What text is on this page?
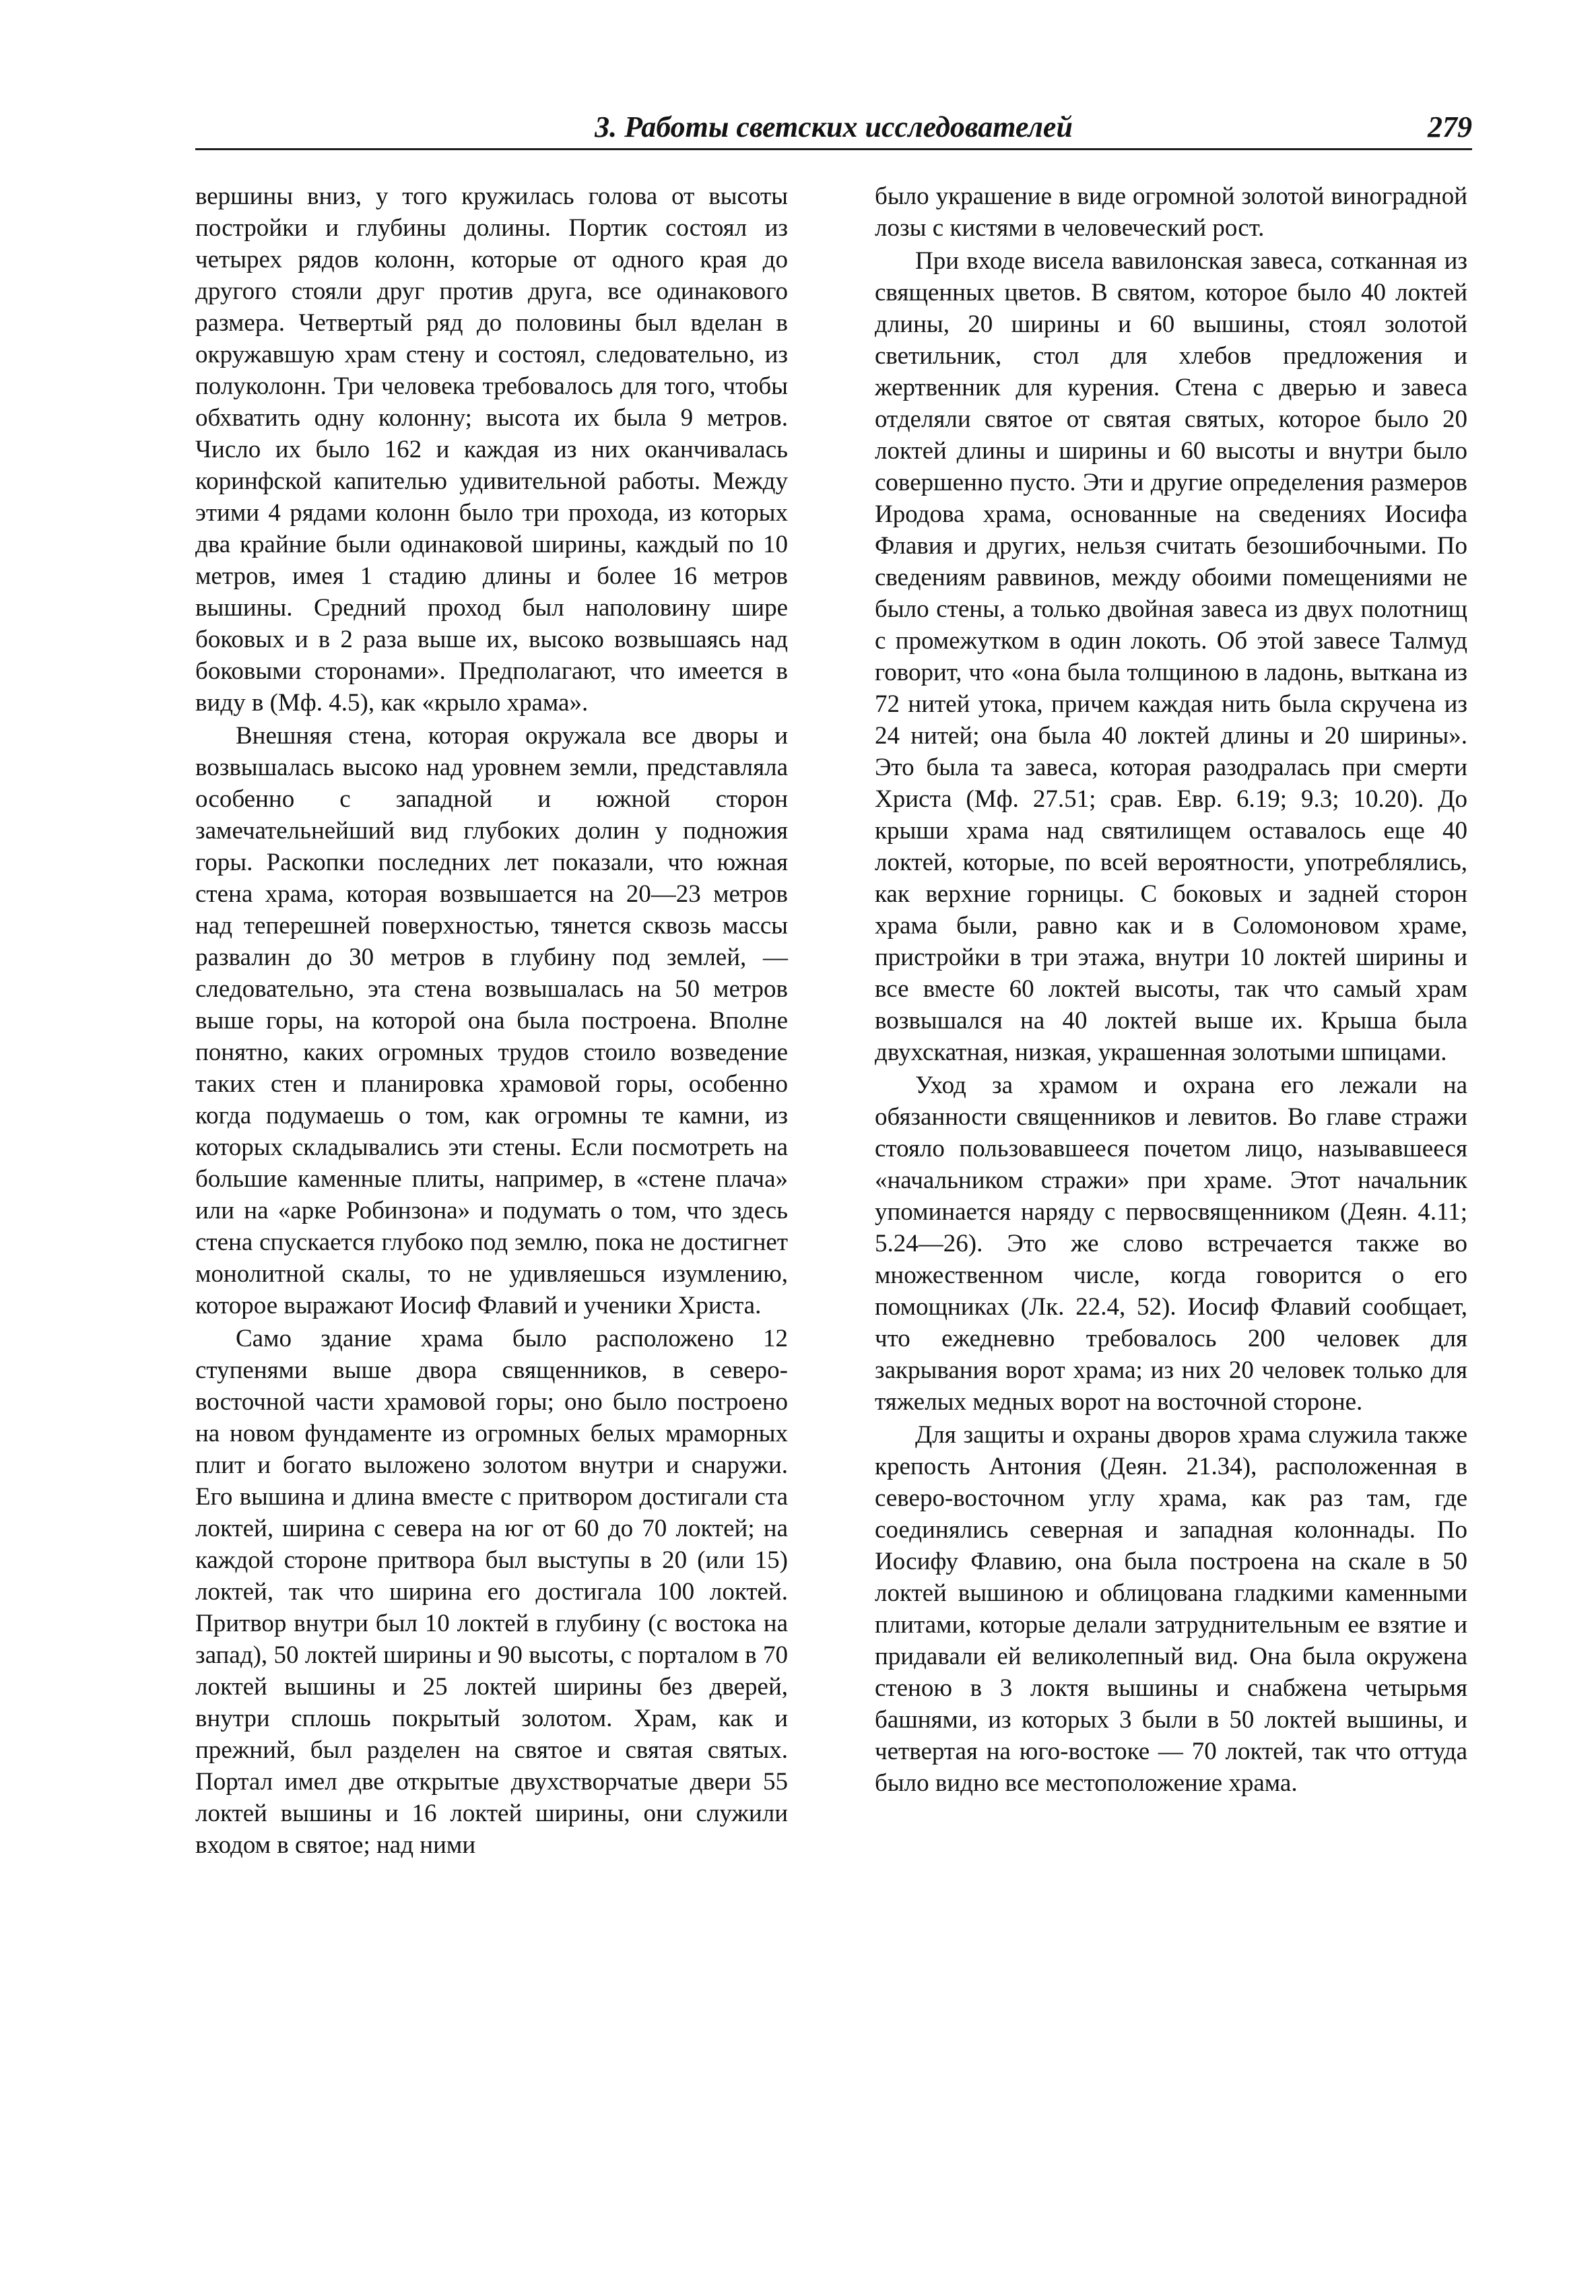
3. Работы светских исследователей	279

вершины вниз, у того кружилась голова от высоты постройки и глубины долины. Портик состоял из четырех рядов колонн, которые от одного края до другого стояли друг против друга, все одинакового размера. Четвертый ряд до половины был вделан в окружавшую храм стену и состоял, следовательно, из полуколонн. Три человека требовалось для того, чтобы обхватить одну колонну; высота их была 9 метров. Число их было 162 и каждая из них оканчивалась коринфской капителью удивительной работы. Между этими 4 рядами колонн было три прохода, из которых два крайние были одинаковой ширины, каждый по 10 метров, имея 1 стадию длины и более 16 метров вышины. Средний проход был наполовину шире боковых и в 2 раза выше их, высоко возвышаясь над боковыми сторонами». Предполагают, что имеется в виду в (Мф. 4.5), как «крыло храма».

Внешняя стена, которая окружала все дворы и возвышалась высоко над уровнем земли, представляла особенно с западной и южной сторон замечательнейший вид глубоких долин у подножия горы. Раскопки последних лет показали, что южная стена храма, которая возвышается на 20—23 метров над теперешней поверхностью, тянется сквозь массы развалин до 30 метров в глубину под землей, — следовательно, эта стена возвышалась на 50 метров выше горы, на которой она была построена. Вполне понятно, каких огромных трудов стоило возведение таких стен и планировка храмовой горы, особенно когда подумаешь о том, как огромны те камни, из которых складывались эти стены. Если посмотреть на большие каменные плиты, например, в «стене плача» или на «арке Робинзона» и подумать о том, что здесь стена спускается глубоко под землю, пока не достигнет монолитной скалы, то не удивляешься изумлению, которое выражают Иосиф Флавий и ученики Христа.

Само здание храма было расположено 12 ступенями выше двора священников, в северо-восточной части храмовой горы; оно было построено на новом фундаменте из огромных белых мраморных плит и богато выложено золотом внутри и снаружи. Его вышина и длина вместе с притвором достигали ста локтей, ширина с севера на юг от 60 до 70 локтей; на каждой стороне притвора был выступы в 20 (или 15) локтей, так что ширина его достигала 100 локтей. Притвор внутри был 10 локтей в глубину (с востока на запад), 50 локтей ширины и 90 высоты, с порталом в 70 локтей вышины и 25 локтей ширины без дверей, внутри сплошь покрытый золотом. Храм, как и прежний, был разделен на святое и святая святых. Портал имел две открытые двухстворчатые двери 55 локтей вышины и 16 локтей ширины, они служили входом в святое; над ними

было украшение в виде огромной золотой виноградной лозы с кистями в человеческий рост.

При входе висела вавилонская завеса, сотканная из священных цветов. В святом, которое было 40 локтей длины, 20 ширины и 60 вышины, стоял золотой светильник, стол для хлебов предложения и жертвенник для курения. Стена с дверью и завеса отделяли святое от святая святых, которое было 20 локтей длины и ширины и 60 высоты и внутри было совершенно пусто. Эти и другие определения размеров Иродова храма, основанные на сведениях Иосифа Флавия и других, нельзя считать безошибочными. По сведениям раввинов, между обоими помещениями не было стены, а только двойная завеса из двух полотнищ с промежутком в один локоть. Об этой завесе Талмуд говорит, что «она была толщиною в ладонь, выткана из 72 нитей утока, причем каждая нить была скручена из 24 нитей; она была 40 локтей длины и 20 ширины». Это была та завеса, которая разодралась при смерти Христа (Мф. 27.51; срав. Евр. 6.19; 9.3; 10.20). До крыши храма над святилищем оставалось еще 40 локтей, которые, по всей вероятности, употреблялись, как верхние горницы. С боковых и задней сторон храма были, равно как и в Соломоновом храме, пристройки в три этажа, внутри 10 локтей ширины и все вместе 60 локтей высоты, так что самый храм возвышался на 40 локтей выше их. Крыша была двухскатная, низкая, украшенная золотыми шпицами.

Уход за храмом и охрана его лежали на обязанности священников и левитов. Во главе стражи стояло пользовавшееся почетом лицо, называвшееся «начальником стражи» при храме. Этот начальник упоминается наряду с первосвященником (Деян. 4.11; 5.24—26). Это же слово встречается также во множественном числе, когда говорится о его помощниках (Лк. 22.4, 52). Иосиф Флавий сообщает, что ежедневно требовалось 200 человек для закрывания ворот храма; из них 20 человек только для тяжелых медных ворот на восточной стороне.

Для защиты и охраны дворов храма служила также крепость Антония (Деян. 21.34), расположенная в северо-восточном углу храма, как раз там, где соединялись северная и западная колоннады. По Иосифу Флавию, она была построена на скале в 50 локтей вышиною и облицована гладкими каменными плитами, которые делали затруднительным ее взятие и придавали ей великолепный вид. Она была окружена стеною в 3 локтя вышины и снабжена четырьмя башнями, из которых 3 были в 50 локтей вышины, и четвертая на юго-востоке — 70 локтей, так что оттуда было видно все местоположение храма.
